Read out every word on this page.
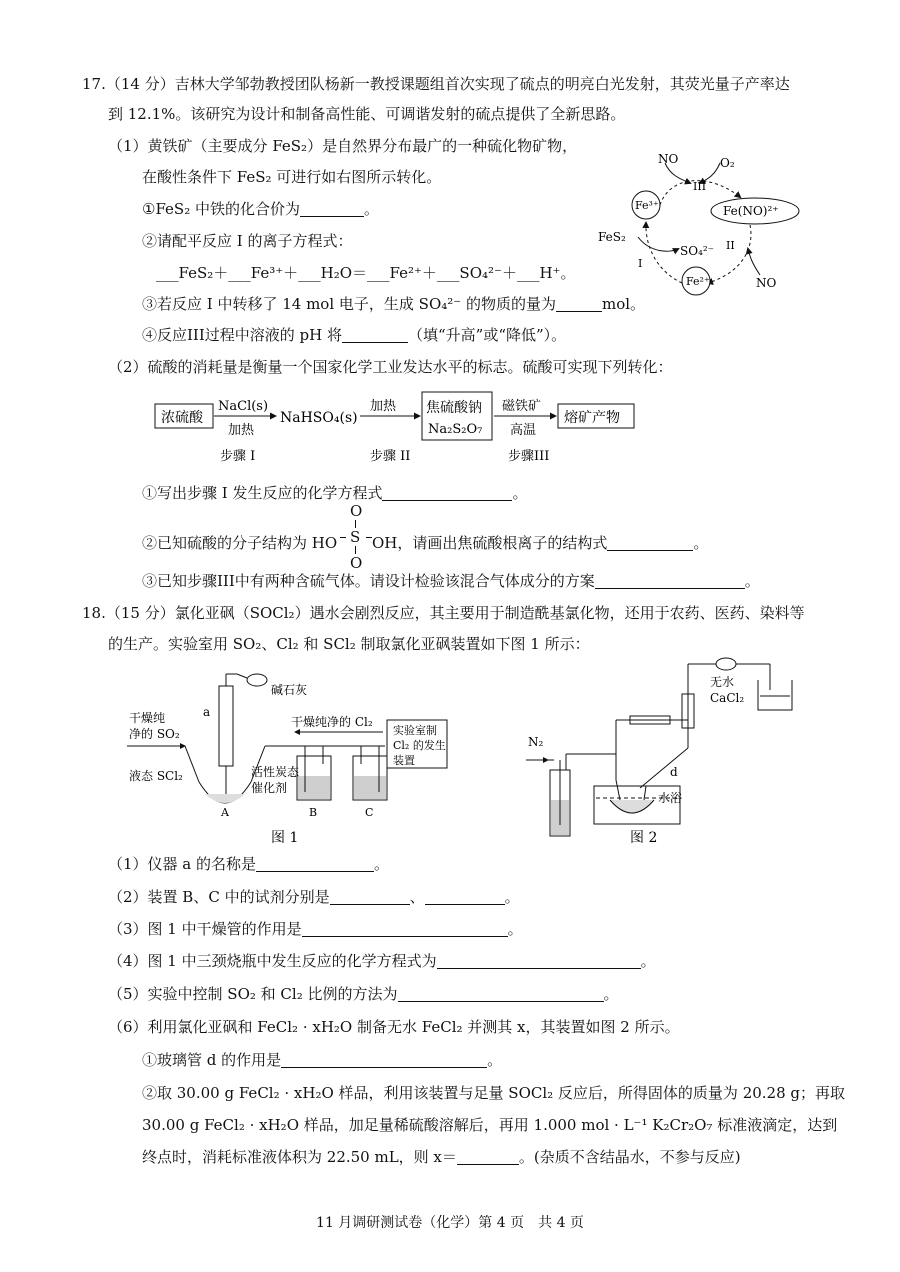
17.（14 分）吉林大学邹勃教授团队杨新一教授课题组首次实现了硫点的明亮白光发射，其荧光量子产率达
到 12.1%。该研究为设计和制备高性能、可调谐发射的硫点提供了全新思路。
（1）黄铁矿（主要成分 FeS₂）是自然界分布最广的一种硫化物矿物，
在酸性条件下 FeS₂ 可进行如右图所示转化。
①FeS₂ 中铁的化合价为	。
②请配平反应 I 的离子方程式：
___FeS₂＋___Fe³⁺＋___H₂O＝___Fe²⁺＋___SO₄²⁻＋___H⁺。
③若反应 I 中转移了 14 mol 电子，生成 SO₄²⁻ 的物质的量为	mol。
④反应III过程中溶液的 pH 将	（填“升高”或“降低”）。
NO	O₂
III
Fe³⁺	Fe(NO)²⁺
FeS₂
SO₄²⁻ II
I
Fe²⁺	NO
（2）硫酸的消耗量是衡量一个国家化学工业发达水平的标志。硫酸可实现下列转化：
浓硫酸
NaCl(s)
加热
NaHSO₄(s)
加热 焦硫酸钠
Na₂S₂O₇
磁铁矿
高温
熔矿产物
步骤 I	步骤 II	步骤III
①写出步骤 I 发生反应的化学方程式	。
②已知硫酸的分子结构为 HO S
O
O
OH，请画出焦硫酸根离子的结构式	。
③已知步骤III中有两种含硫气体。请设计检验该混合气体成分的方案	。
18.（15 分）氯化亚砜（SOCl₂）遇水会剧烈反应，其主要用于制造酰基氯化物，还用于农药、医药、染料等
的生产。实验室用 SO₂、Cl₂ 和 SCl₂ 制取氯化亚砜装置如下图 1 所示：
碱石灰
a
干燥纯
净的 SO₂
干燥纯净的 Cl₂
实验室制
Cl₂ 的发生
装置
液态 SCl₂	活性炭态
催化剂
A	B	C
图 1
无水
CaCl₂
d
水浴
N₂
图 2
（1）仪器 a 的名称是	。
（2）装置 B、C 中的试剂分别是	、	。
（3）图 1 中干燥管的作用是	。
（4）图 1 中三颈烧瓶中发生反应的化学方程式为	。
（5）实验中控制 SO₂ 和 Cl₂ 比例的方法为	。
（6）利用氯化亚砜和 FeCl₂ · xH₂O 制备无水 FeCl₂ 并测其 x，其装置如图 2 所示。
①玻璃管 d 的作用是	。
②取 30.00 g FeCl₂ · xH₂O 样品，利用该装置与足量 SOCl₂ 反应后，所得固体的质量为 20.28 g；再取
30.00 g FeCl₂ · xH₂O 样品，加足量稀硫酸溶解后，再用 1.000 mol · L⁻¹ K₂Cr₂O₇ 标准液滴定，达到
终点时，消耗标准液体积为 22.50 mL，则 x＝	。(杂质不含结晶水，不参与反应)
11 月调研测试卷（化学）第 4 页　共 4 页
